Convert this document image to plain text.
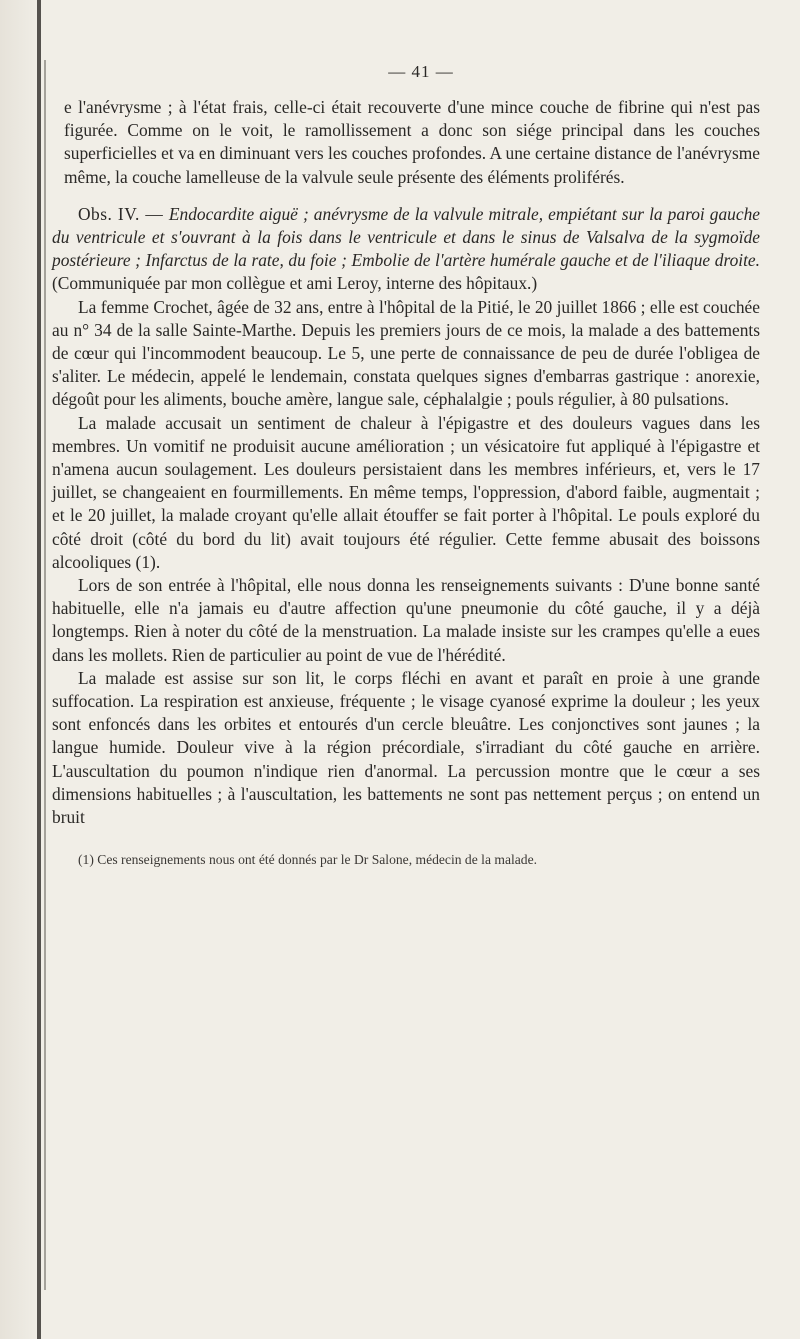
— 41 —

e l'anévrysme ; à l'état frais, celle-ci était recouverte d'une mince couche de fibrine qui n'est pas figurée. Comme on le voit, le ramollissement a donc son siége principal dans les couches superficielles et va en diminuant vers les couches profondes. A une certaine distance de l'anévrysme même, la couche lamelleuse de la valvule seule présente des éléments proliférés.

Obs. IV. — Endocardite aiguë ; anévrysme de la valvule mitrale, empiétant sur la paroi gauche du ventricule et s'ouvrant à la fois dans le ventricule et dans le sinus de Valsalva de la sygmoïde postérieure ; Infarctus de la rate, du foie ; Embolie de l'artère humérale gauche et de l'iliaque droite. (Communiquée par mon collègue et ami Leroy, interne des hôpitaux.)

La femme Crochet, âgée de 32 ans, entre à l'hôpital de la Pitié, le 20 juillet 1866 ; elle est couchée au n° 34 de la salle Sainte-Marthe. Depuis les premiers jours de ce mois, la malade a des battements de cœur qui l'incommodent beaucoup. Le 5, une perte de connaissance de peu de durée l'obligea de s'aliter. Le médecin, appelé le lendemain, constata quelques signes d'embarras gastrique : anorexie, dégoût pour les aliments, bouche amère, langue sale, céphalalgie ; pouls régulier, à 80 pulsations.

La malade accusait un sentiment de chaleur à l'épigastre et des douleurs vagues dans les membres. Un vomitif ne produisit aucune amélioration ; un vésicatoire fut appliqué à l'épigastre et n'amena aucun soulagement. Les douleurs persistaient dans les membres inférieurs, et, vers le 17 juillet, se changeaient en fourmillements. En même temps, l'oppression, d'abord faible, augmentait ; et le 20 juillet, la malade croyant qu'elle allait étouffer se fait porter à l'hôpital. Le pouls exploré du côté droit (côté du bord du lit) avait toujours été régulier. Cette femme abusait des boissons alcooliques (1).

Lors de son entrée à l'hôpital, elle nous donna les renseignements suivants : D'une bonne santé habituelle, elle n'a jamais eu d'autre affection qu'une pneumonie du côté gauche, il y a déjà longtemps. Rien à noter du côté de la menstruation. La malade insiste sur les crampes qu'elle a eues dans les mollets. Rien de particulier au point de vue de l'hérédité.

La malade est assise sur son lit, le corps fléchi en avant et paraît en proie à une grande suffocation. La respiration est anxieuse, fréquente ; le visage cyanosé exprime la douleur ; les yeux sont enfoncés dans les orbites et entourés d'un cercle bleuâtre. Les conjonctives sont jaunes ; la langue humide. Douleur vive à la région précordiale, s'irradiant du côté gauche en arrière. L'auscultation du poumon n'indique rien d'anormal. La percussion montre que le cœur a ses dimensions habituelles ; à l'auscultation, les battements ne sont pas nettement perçus ; on entend un bruit

(1) Ces renseignements nous ont été donnés par le Dr Salone, médecin de la malade.
